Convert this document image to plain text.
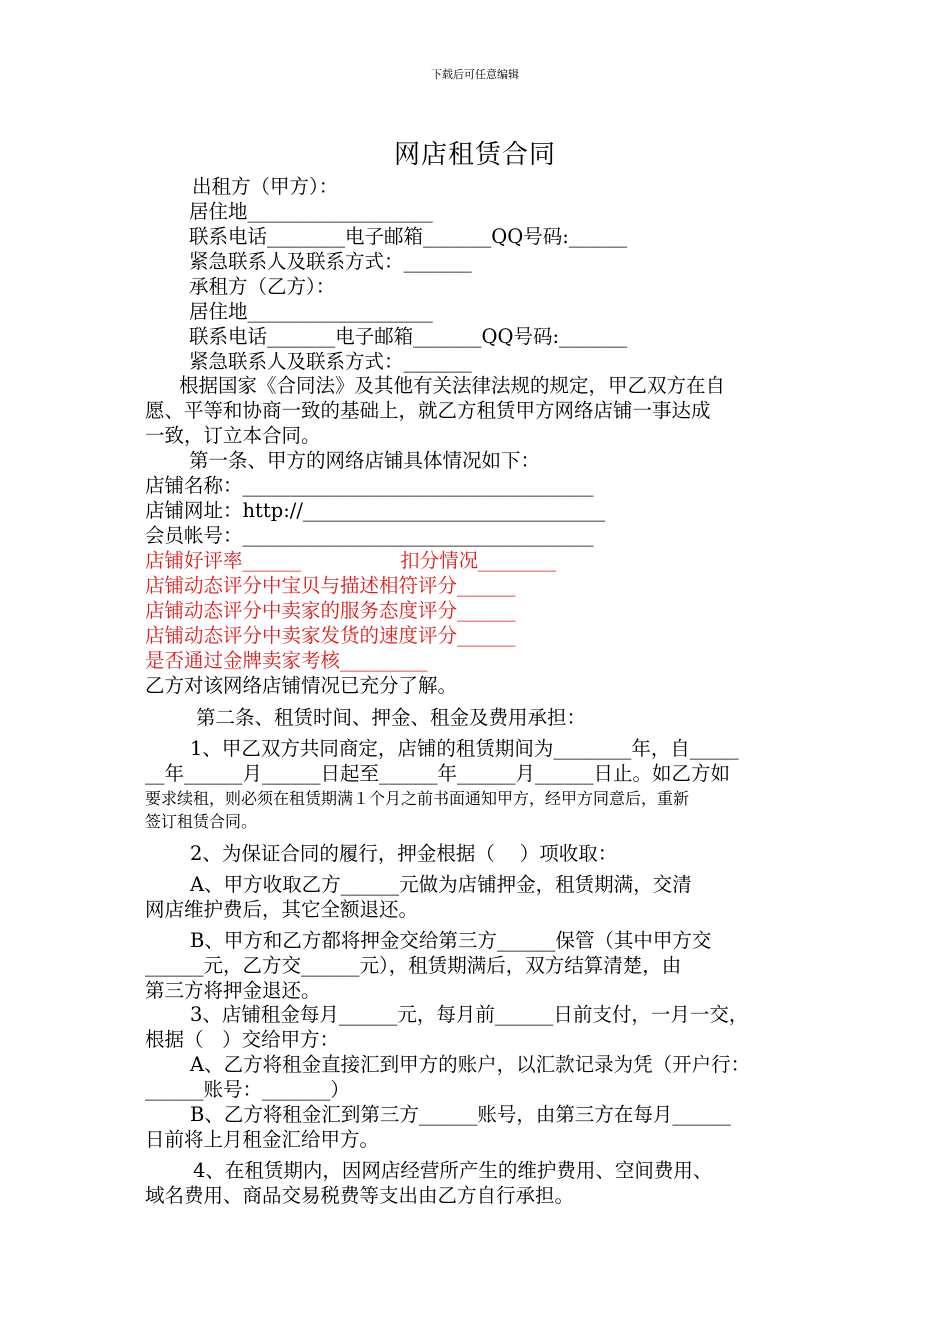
下载后可任意编辑
网店租赁合同
出租方（甲方）：
居住地___________________
联系电话________电子邮箱_______QQ号码:______
紧急联系人及联系方式：_______
承租方（乙方）：
居住地___________________
联系电话_______电子邮箱_______QQ号码:_______
紧急联系人及联系方式：_______
根据国家《合同法》及其他有关法律法规的规定，甲乙双方在自
愿、平等和协商一致的基础上，就乙方租赁甲方网络店铺一事达成
一致，订立本合同。
第一条、甲方的网络店铺具体情况如下：
店铺名称：____________________________________
店铺网址：http://_______________________________
会员帐号：____________________________________
店铺好评率______                扣分情况________
店铺动态评分中宝贝与描述相符评分______
店铺动态评分中卖家的服务态度评分______
店铺动态评分中卖家发货的速度评分______
是否通过金牌卖家考核_________
乙方对该网络店铺情况已充分了解。
第二条、租赁时间、押金、租金及费用承担：
1、甲乙双方共同商定，店铺的租赁期间为________年，自_____
__年______月______日起至______年______月______日止。如乙方如
要求续租，则必须在租赁期满１个月之前书面通知甲方，经甲方同意后，重新
签订租赁合同。
2、为保证合同的履行，押金根据（    ）项收取：
A、甲方收取乙方______元做为店铺押金，租赁期满，交清
网店维护费后，其它全额退还。
B、甲方和乙方都将押金交给第三方______保管（其中甲方交
______元，乙方交______元），租赁期满后，双方结算清楚，由
第三方将押金退还。
3、店铺租金每月______元，每月前______日前支付，一月一交，
根据（   ）交给甲方：
A、乙方将租金直接汇到甲方的账户，以汇款记录为凭（开户行：
______账号：_______）
B、乙方将租金汇到第三方______账号，由第三方在每月______
日前将上月租金汇给甲方。
4、在租赁期内，因网店经营所产生的维护费用、空间费用、
域名费用、商品交易税费等支出由乙方自行承担。
